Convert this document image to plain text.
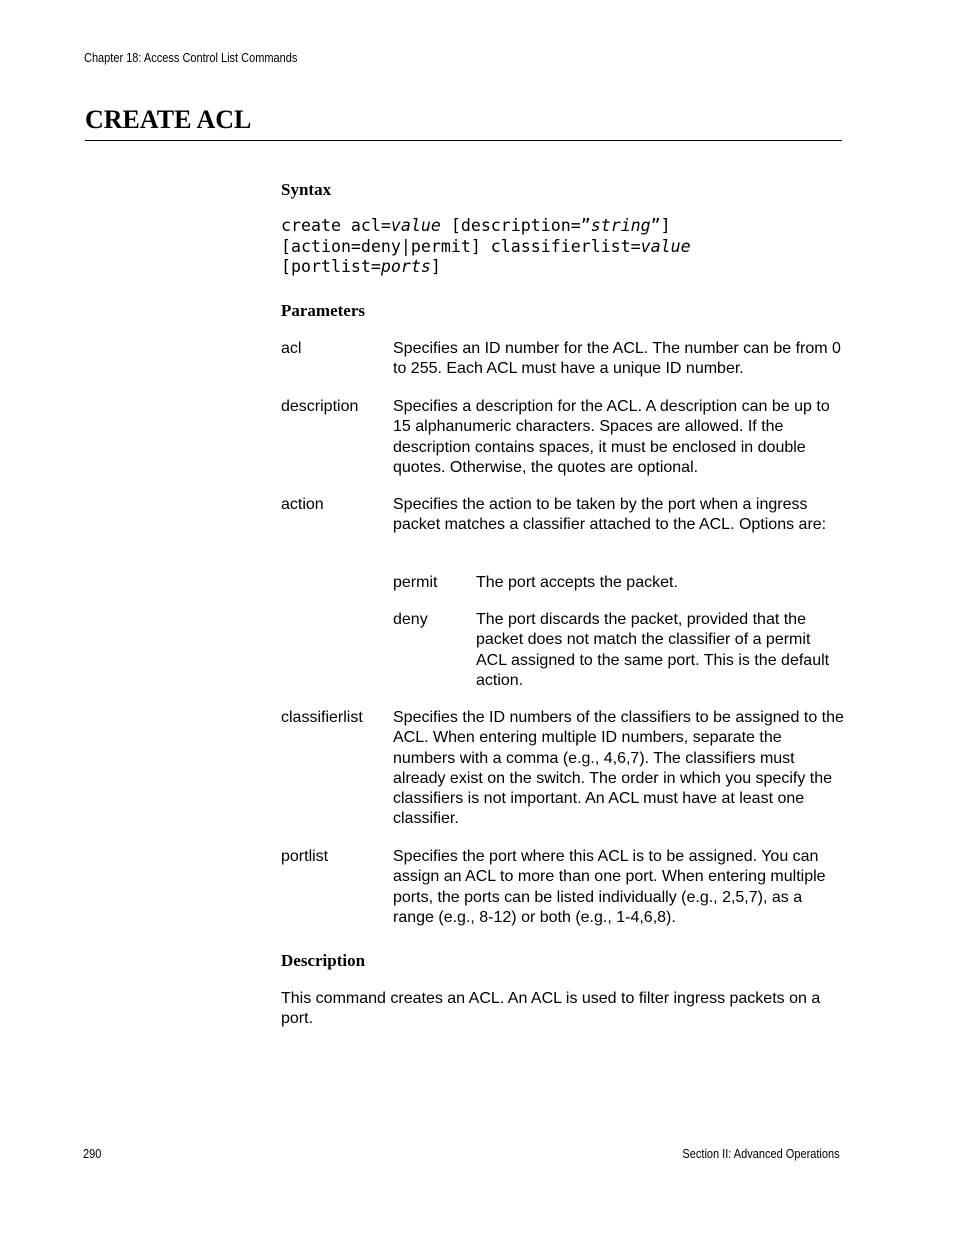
Chapter 18: Access Control List Commands
CREATE ACL
Syntax
create acl=value [description=”string”]
[action=deny|permit] classifierlist=value
[portlist=ports]
Parameters

acl	Specifies an ID number for the ACL. The number can be from 0 to 255. Each ACL must have a unique ID number.

description Specifies a description for the ACL. A description can be up to 15 alphanumeric characters. Spaces are allowed. If the description contains spaces, it must be enclosed in double quotes. Otherwise, the quotes are optional.

action	Specifies the action to be taken by the port when a ingress packet matches a classifier attached to the ACL. Options are:

permit The port accepts the packet.

deny	The port discards the packet, provided that the packet does not match the classifier of a permit ACL assigned to the same port. This is the default action.

classifierlist Specifies the ID numbers of the classifiers to be assigned to the ACL. When entering multiple ID numbers, separate the numbers with a comma (e.g., 4,6,7). The classifiers must already exist on the switch. The order in which you specify the classifiers is not important. An ACL must have at least one classifier.

portlist	Specifies the port where this ACL is to be assigned. You can assign an ACL to more than one port. When entering multiple ports, the ports can be listed individually (e.g., 2,5,7), as a range (e.g., 8-12) or both (e.g., 1-4,6,8).

Description

This command creates an ACL. An ACL is used to filter ingress packets on a port.

290	Section II: Advanced Operations
